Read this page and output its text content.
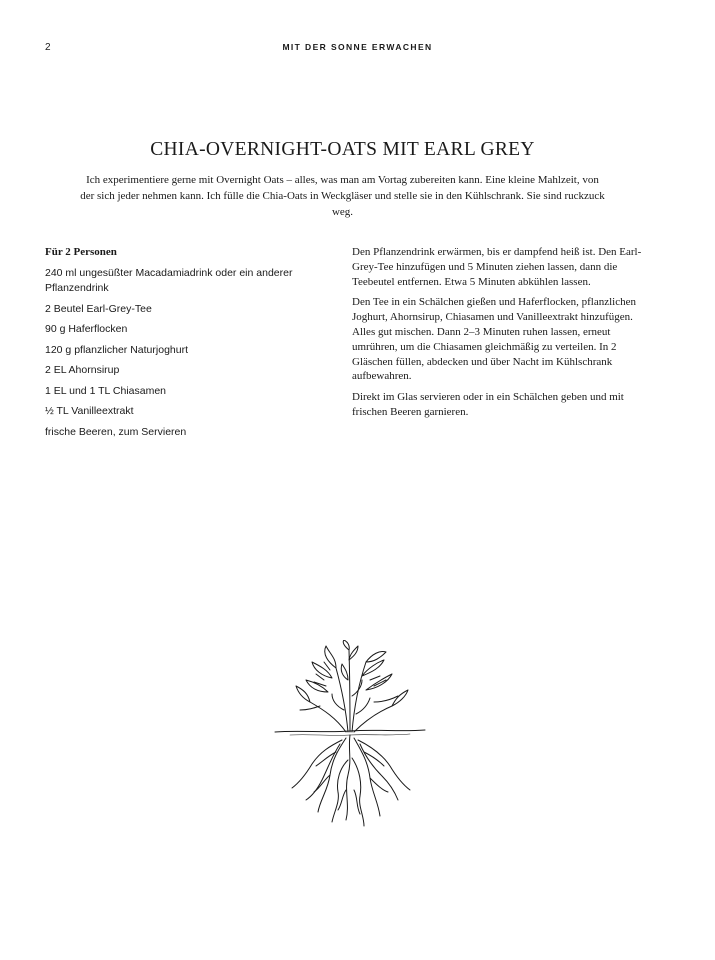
2	MIT DER SONNE ERWACHEN
CHIA-OVERNIGHT-OATS MIT EARL GREY

Ich experimentiere gerne mit Overnight Oats – alles, was man am Vortag zubereiten kann. Eine kleine Mahlzeit, von der sich jeder nehmen kann. Ich fülle die Chia-Oats in Weckgläser und stelle sie in den Kühlschrank. Sie sind ruckzuck weg.

Für 2 Personen

240 ml ungesüßter Macadamiadrink oder ein anderer Pflanzendrink
2 Beutel Earl-Grey-Tee
90 g Haferflocken
120 g pflanzlicher Naturjoghurt
2 EL Ahornsirup
1 EL und 1 TL Chiasamen
½ TL Vanilleextrakt
frische Beeren, zum Servieren

Den Pflanzendrink erwärmen, bis er dampfend heiß ist. Den Earl-Grey-Tee hinzufügen und 5 Minuten ziehen lassen, dann die Teebeutel entfernen. Etwa 5 Minuten abkühlen lassen.

Den Tee in ein Schälchen gießen und Haferflocken, pflanzlichen Joghurt, Ahornsirup, Chiasamen und Vanilleextrakt hinzufügen. Alles gut mischen. Dann 2–3 Minuten ruhen lassen, erneut umrühren, um die Chiasamen gleichmäßig zu verteilen. In 2 Gläschen füllen, abdecken und über Nacht im Kühlschrank aufbewahren.

Direkt im Glas servieren oder in ein Schälchen geben und mit frischen Beeren garnieren.
